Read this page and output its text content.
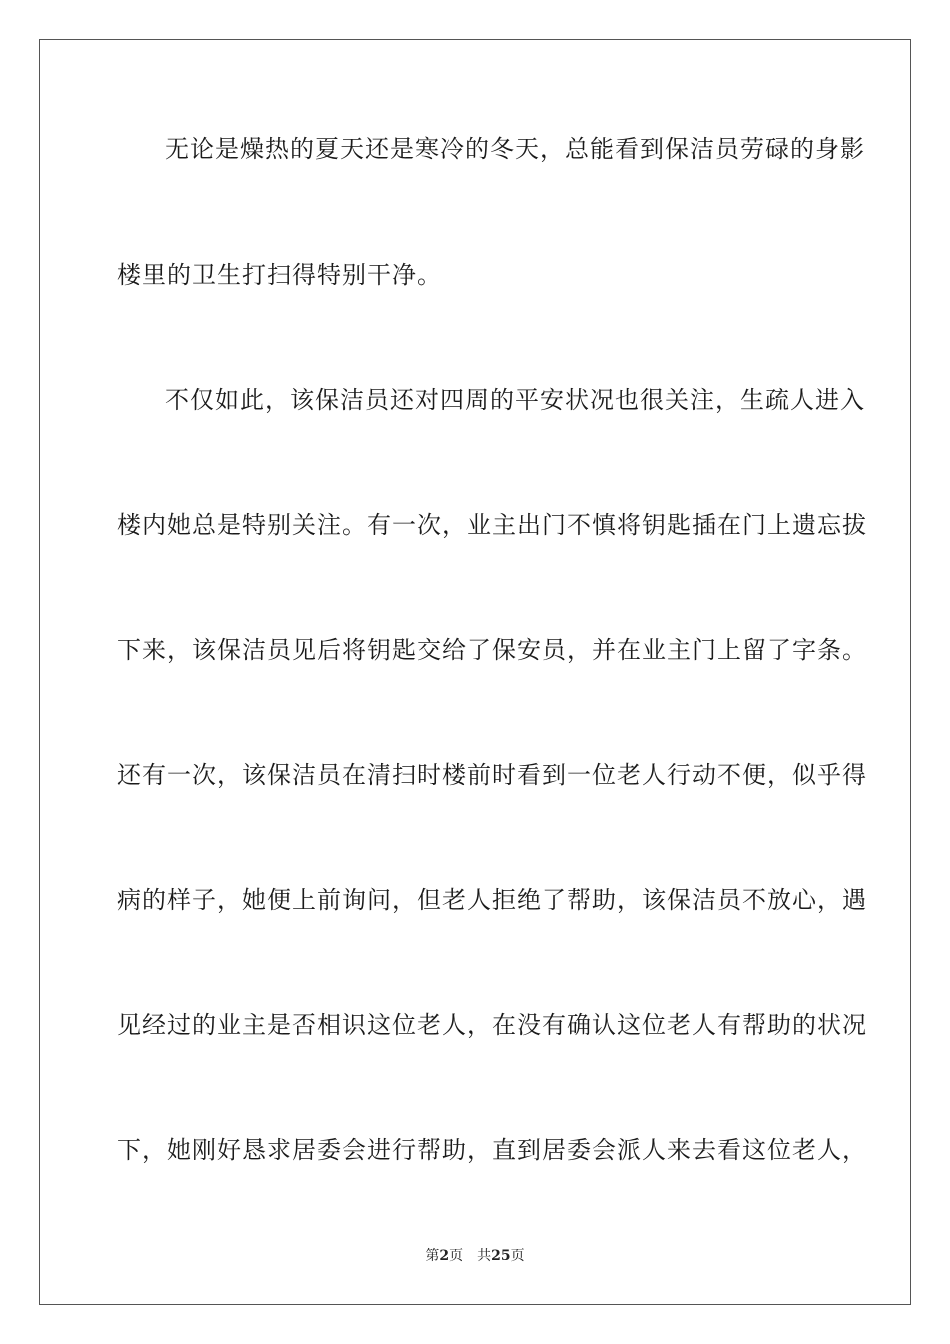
无论是燥热的夏天还是寒冷的冬天，总能看到保洁员劳碌的身影
楼里的卫生打扫得特别干净。
不仅如此，该保洁员还对四周的平安状况也很关注，生疏人进入
楼内她总是特别关注。有一次，业主出门不慎将钥匙插在门上遗忘拔
下来，该保洁员见后将钥匙交给了保安员，并在业主门上留了字条。
还有一次，该保洁员在清扫时楼前时看到一位老人行动不便，似乎得
病的样子，她便上前询问，但老人拒绝了帮助，该保洁员不放心，遇
见经过的业主是否相识这位老人，在没有确认这位老人有帮助的状况
下，她刚好恳求居委会进行帮助，直到居委会派人来去看这位老人，
第2页 共25页
